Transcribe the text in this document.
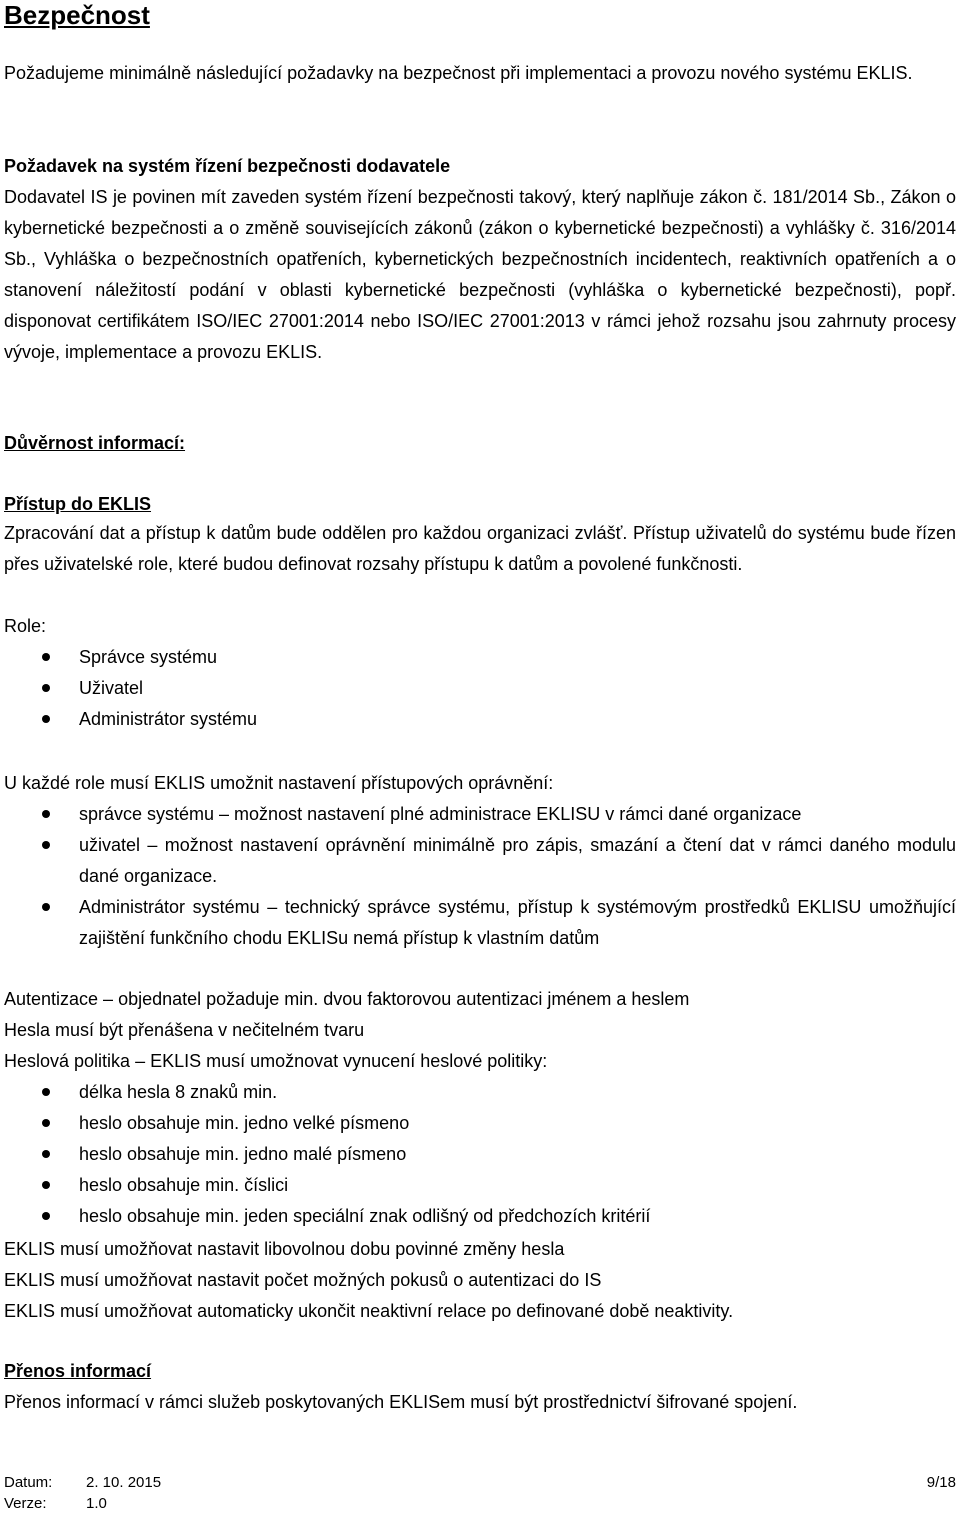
Bezpečnost
Požadujeme minimálně následující požadavky na bezpečnost při implementaci a provozu nového systému EKLIS.
Požadavek na systém řízení bezpečnosti dodavatele
Dodavatel IS je povinen mít zaveden systém řízení bezpečnosti takový, který naplňuje zákon č. 181/2014 Sb., Zákon o kybernetické bezpečnosti a o změně souvisejících zákonů (zákon o kybernetické bezpečnosti) a vyhlášky č. 316/2014 Sb., Vyhláška o bezpečnostních opatřeních, kybernetických bezpečnostních incidentech, reaktivních opatřeních a o stanovení náležitostí podání v oblasti kybernetické bezpečnosti (vyhláška o kybernetické bezpečnosti), popř. disponovat certifikátem ISO/IEC 27001:2014 nebo ISO/IEC 27001:2013 v rámci jehož rozsahu jsou zahrnuty procesy vývoje, implementace a provozu EKLIS.
Důvěrnost informací:
Přístup do EKLIS
Zpracování dat a přístup k datům bude oddělen pro každou organizaci zvlášť. Přístup uživatelů do systému bude řízen přes uživatelské role, které budou definovat rozsahy přístupu k datům a povolené funkčnosti.
Role:
Správce systému
Uživatel
Administrátor systému
U každé role musí EKLIS umožnit nastavení přístupových oprávnění:
správce systému – možnost nastavení plné administrace EKLISU v rámci dané organizace
uživatel – možnost nastavení oprávnění minimálně pro zápis, smazání a čtení dat v rámci daného modulu dané organizace.
Administrátor systému – technický správce systému, přístup k systémovým prostředků EKLISU umožňující zajištění funkčního chodu EKLISu nemá přístup k vlastním datům
Autentizace – objednatel požaduje min. dvou faktorovou autentizaci jménem a heslem
Hesla musí být přenášena v nečitelném tvaru
Heslová politika – EKLIS musí umožnovat vynucení heslové politiky:
délka hesla 8 znaků min.
heslo obsahuje min. jedno velké písmeno
heslo obsahuje min. jedno malé písmeno
heslo obsahuje min. číslici
heslo obsahuje min. jeden speciální znak odlišný od předchozích kritérií
EKLIS musí umožňovat nastavit libovolnou dobu povinné změny hesla
EKLIS musí umožňovat nastavit počet možných pokusů o autentizaci do IS
EKLIS musí umožňovat automaticky ukončit neaktivní relace po definované době neaktivity.
Přenos informací
Přenos informací v rámci služeb poskytovaných EKLISem musí být prostřednictví šifrované spojení.
Datum: 2. 10. 2015
Verze:	1.0
9/18
